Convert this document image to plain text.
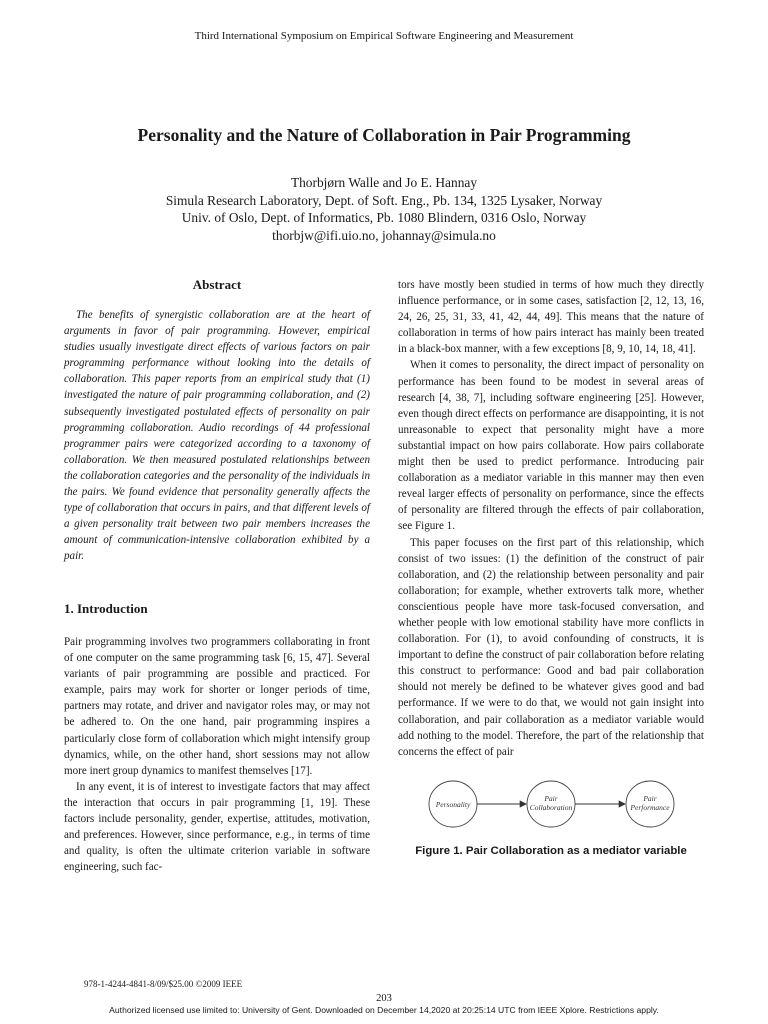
Third International Symposium on Empirical Software Engineering and Measurement
Personality and the Nature of Collaboration in Pair Programming
Thorbjørn Walle and Jo E. Hannay
Simula Research Laboratory, Dept. of Soft. Eng., Pb. 134, 1325 Lysaker, Norway
Univ. of Oslo, Dept. of Informatics, Pb. 1080 Blindern, 0316 Oslo, Norway
thorbjw@ifi.uio.no, johannay@simula.no
Abstract

The benefits of synergistic collaboration are at the heart of arguments in favor of pair programming. However, empirical studies usually investigate direct effects of various factors on pair programming performance without looking into the details of collaboration. This paper reports from an empirical study that (1) investigated the nature of pair programming collaboration, and (2) subsequently investigated postulated effects of personality on pair programming collaboration. Audio recordings of 44 professional programmer pairs were categorized according to a taxonomy of collaboration. We then measured postulated relationships between the collaboration categories and the personality of the individuals in the pairs. We found evidence that personality generally affects the type of collaboration that occurs in pairs, and that different levels of a given personality trait between two pair members increases the amount of communication-intensive collaboration exhibited by a pair.

1. Introduction

Pair programming involves two programmers collaborating in front of one computer on the same programming task [6, 15, 47]. Several variants of pair programming are possible and practiced. For example, pairs may work for shorter or longer periods of time, partners may rotate, and driver and navigator roles may, or may not be adhered to. On the one hand, pair programming inspires a particularly close form of collaboration which might intensify group dynamics, while, on the other hand, short sessions may not allow more inert group dynamics to manifest themselves [17].

In any event, it is of interest to investigate factors that may affect the interaction that occurs in pair programming [1, 19]. These factors include personality, gender, expertise, attitudes, motivation, and preferences. However, since performance, e.g., in terms of time and quality, is often the ultimate criterion variable in software engineering, such fac-

tors have mostly been studied in terms of how much they directly influence performance, or in some cases, satisfaction [2, 12, 13, 16, 24, 26, 25, 31, 33, 41, 42, 44, 49]. This means that the nature of collaboration in terms of how pairs interact has mainly been treated in a black-box manner, with a few exceptions [8, 9, 10, 14, 18, 41].

When it comes to personality, the direct impact of personality on performance has been found to be modest in several areas of research [4, 38, 7], including software engineering [25]. However, even though direct effects on performance are disappointing, it is not unreasonable to expect that personality might have a more substantial impact on how pairs collaborate. How pairs collaborate might then be used to predict performance. Introducing pair collaboration as a mediator variable in this manner may then even reveal larger effects of personality on performance, since the effects of personality are filtered through the effects of pair collaboration, see Figure 1.

This paper focuses on the first part of this relationship, which consist of two issues: (1) the definition of the construct of pair collaboration, and (2) the relationship between personality and pair collaboration; for example, whether extroverts talk more, whether conscientious people have more task-focused conversation, and whether people with low emotional stability have more conflicts in collaboration. For (1), to avoid confounding of constructs, it is important to define the construct of pair collaboration before relating this construct to performance: Good and bad pair collaboration should not merely be defined to be whatever gives good and bad performance. If we were to do that, we would not gain insight into collaboration, and pair collaboration as a mediator variable would add nothing to the model. Therefore, the part of the relationship that concerns the effect of pair

Personality
Pair
Collaboration
Pair
Performance
Figure 1. Pair Collaboration as a mediator variable
978-1-4244-4841-8/09/$25.00 ©2009 IEEE
203
Authorized licensed use limited to: University of Gent. Downloaded on December 14,2020 at 20:25:14 UTC from IEEE Xplore. Restrictions apply.
